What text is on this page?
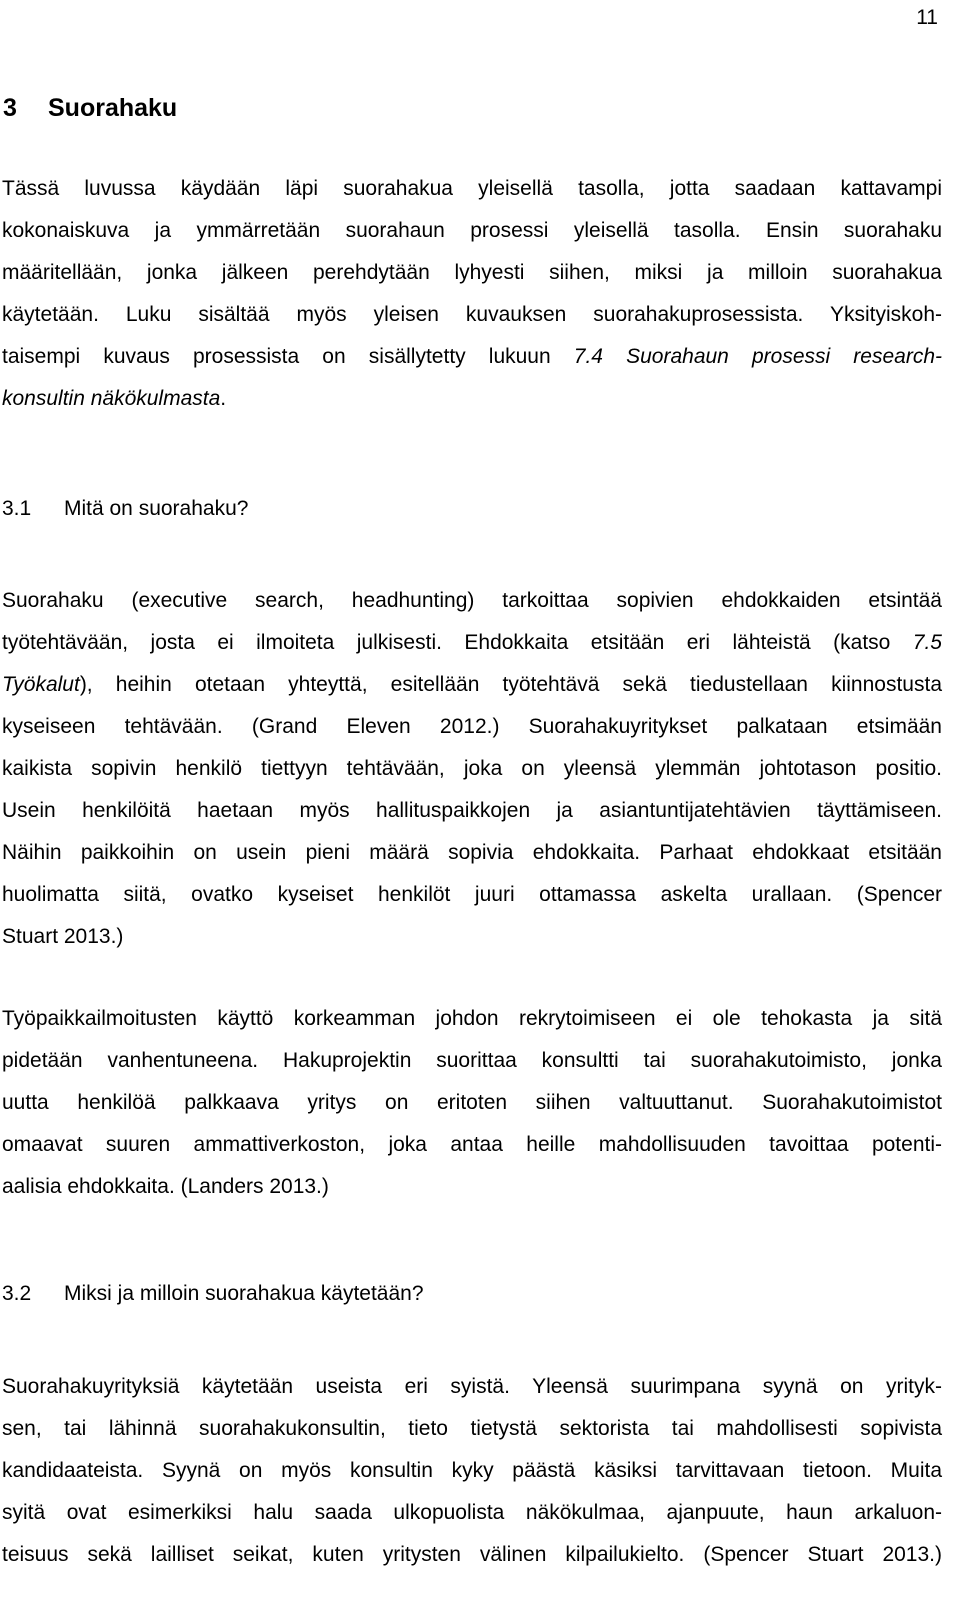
11
3 Suorahaku
Tässä luvussa käydään läpi suorahakua yleisellä tasolla, jotta saadaan kattavampi
kokonaiskuva ja ymmärretään suorahaun prosessi yleisellä tasolla. Ensin suorahaku
määritellään, jonka jälkeen perehdytään lyhyesti siihen, miksi ja milloin suorahakua
käytetään. Luku sisältää myös yleisen kuvauksen suorahakuprosessista. Yksityiskoh-
taisempi kuvaus prosessista on sisällytetty lukuun 7.4 Suorahaun prosessi research-
konsultin näkökulmasta.
3.1 Mitä on suorahaku?
Suorahaku (executive search, headhunting) tarkoittaa sopivien ehdokkaiden etsintää
työtehtävään, josta ei ilmoiteta julkisesti. Ehdokkaita etsitään eri lähteistä (katso 7.5
Työkalut), heihin otetaan yhteyttä, esitellään työtehtävä sekä tiedustellaan kiinnostusta
kyseiseen tehtävään. (Grand Eleven 2012.) Suorahakuyritykset palkataan etsimään
kaikista sopivin henkilö tiettyyn tehtävään, joka on yleensä ylemmän johtotason positio.
Usein henkilöitä haetaan myös hallituspaikkojen ja asiantuntijatehtävien täyttämiseen.
Näihin paikkoihin on usein pieni määrä sopivia ehdokkaita. Parhaat ehdokkaat etsitään
huolimatta siitä, ovatko kyseiset henkilöt juuri ottamassa askelta urallaan. (Spencer
Stuart 2013.)
Työpaikkailmoitusten käyttö korkeamman johdon rekrytoimiseen ei ole tehokasta ja sitä
pidetään vanhentuneena. Hakuprojektin suorittaa konsultti tai suorahakutoimisto, jonka
uutta henkilöä palkkaava yritys on eritoten siihen valtuuttanut. Suorahakutoimistot
omaavat suuren ammattiverkoston, joka antaa heille mahdollisuuden tavoittaa potenti-
aalisia ehdokkaita. (Landers 2013.)
3.2 Miksi ja milloin suorahakua käytetään?
Suorahakuyrityksiä käytetään useista eri syistä. Yleensä suurimpana syynä on yrityk-
sen, tai lähinnä suorahakukonsultin, tieto tietystä sektorista tai mahdollisesti sopivista
kandidaateista. Syynä on myös konsultin kyky päästä käsiksi tarvittavaan tietoon. Muita
syitä ovat esimerkiksi halu saada ulkopuolista näkökulmaa, ajanpuute, haun arkaluon-
teisuus sekä lailliset seikat, kuten yritysten välinen kilpailukielto. (Spencer Stuart 2013.)
